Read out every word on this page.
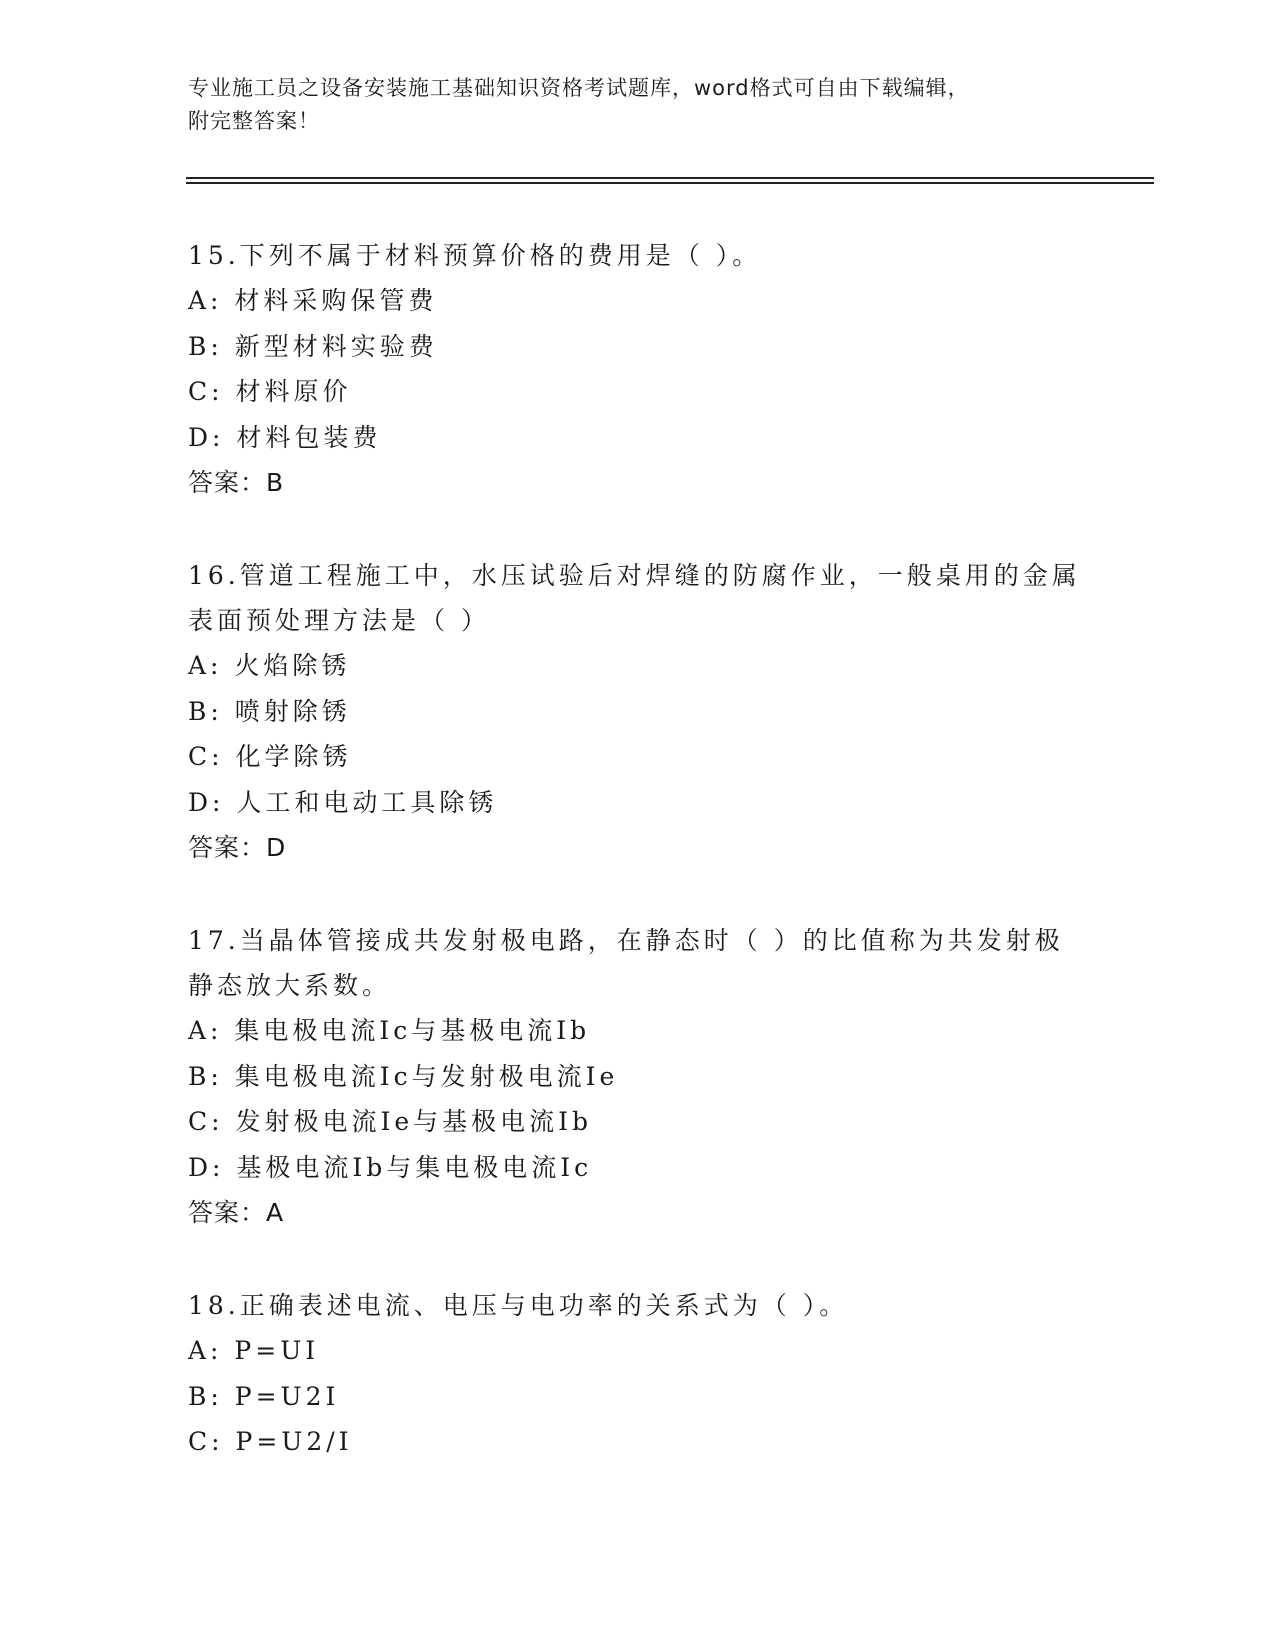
专业施工员之设备安装施工基础知识资格考试题库，word格式可自由下载编辑，
附完整答案！

15.下列不属于材料预算价格的费用是（ ）。

A: 材料采购保管费

B: 新型材料实验费

C: 材料原价

D: 材料包装费

答案：B

16.管道工程施工中，水压试验后对焊缝的防腐作业，一般桌用的金属表面预处理方法是（ ）

A: 火焰除锈

B: 喷射除锈

C: 化学除锈

D: 人工和电动工具除锈

答案：D

17.当晶体管接成共发射极电路，在静态时（ ）的比值称为共发射极静态放大系数。

A: 集电极电流Ic与基极电流Ib

B: 集电极电流Ic与发射极电流Ie

C: 发射极电流Ie与基极电流Ib

D: 基极电流Ib与集电极电流Ic

答案：A

18.正确表述电流、电压与电功率的关系式为（ ）。

A: P=UI

B: P=U2I

C: P=U2/I
